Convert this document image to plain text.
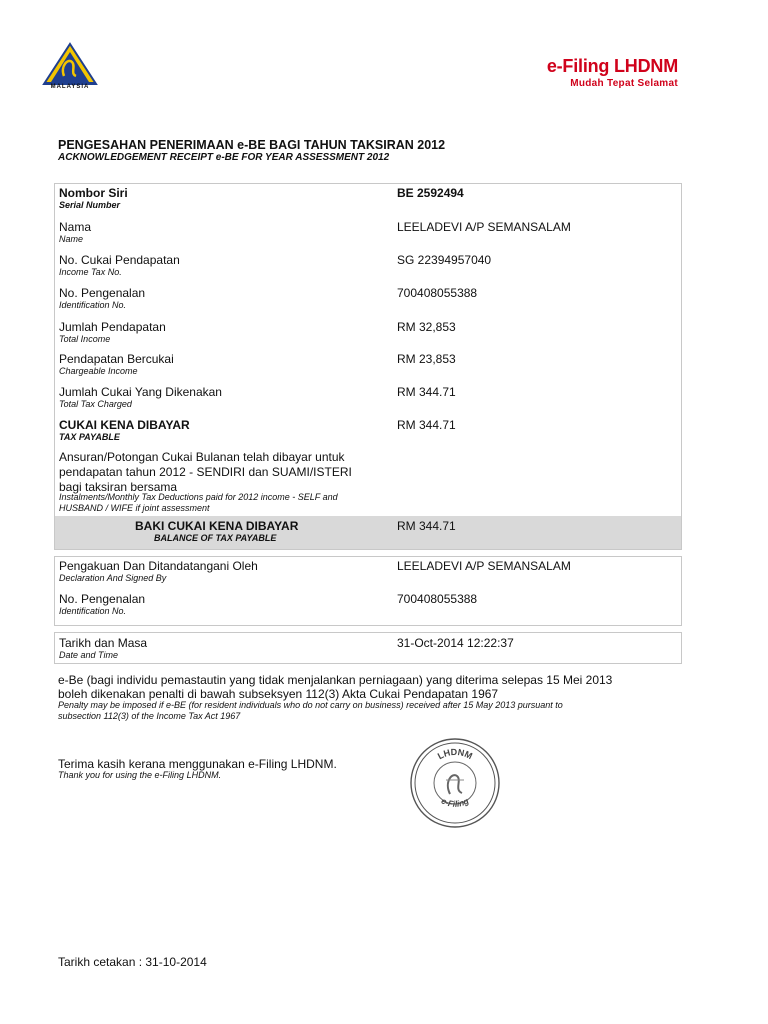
MALAYSIA
e-Filing LHDNM
Mudah Tepat Selamat
PENGESAHAN PENERIMAAN e-BE BAGI TAHUN TAKSIRAN 2012
ACKNOWLEDGEMENT RECEIPT e-BE FOR YEAR ASSESSMENT 2012
Nombor Siri
Serial Number
BE 2592494
Nama
Name
LEELADEVI A/P SEMANSALAM
No. Cukai Pendapatan
Income Tax No.
SG 22394957040
No. Pengenalan
Identification No.
700408055388
Jumlah Pendapatan
Total Income
RM 32,853
Pendapatan Bercukai
Chargeable Income
RM 23,853
Jumlah Cukai Yang Dikenakan
Total Tax Charged
RM 344.71
CUKAI KENA DIBAYAR
TAX PAYABLE
RM 344.71
Ansuran/Potongan Cukai Bulanan telah dibayar untuk
pendapatan tahun 2012 - SENDIRI dan SUAMI/ISTERI
bagi taksiran bersama
Instalments/Monthly Tax Deductions paid for 2012 income - SELF and
HUSBAND / WIFE if joint assessment
BAKI CUKAI KENA DIBAYAR
BALANCE OF TAX PAYABLE
RM 344.71
Pengakuan Dan Ditandatangani Oleh
Declaration And Signed By
LEELADEVI A/P SEMANSALAM
No. Pengenalan
Identification No.
700408055388
Tarikh dan Masa
Date and Time
31-Oct-2014 12:22:37
e-Be (bagi individu pemastautin yang tidak menjalankan perniagaan) yang diterima selepas 15 Mei 2013
boleh dikenakan penalti di bawah subseksyen 112(3) Akta Cukai Pendapatan 1967
Penalty may be imposed if e-BE (for resident individuals who do not carry on business) received after 15 May 2013 pursuant to
subsection 112(3) of the Income Tax Act 1967
Terima kasih kerana menggunakan e-Filing LHDNM.
Thank you for using the e-Filing LHDNM.
LHDNM
e-Filing
Tarikh cetakan : 31-10-2014
